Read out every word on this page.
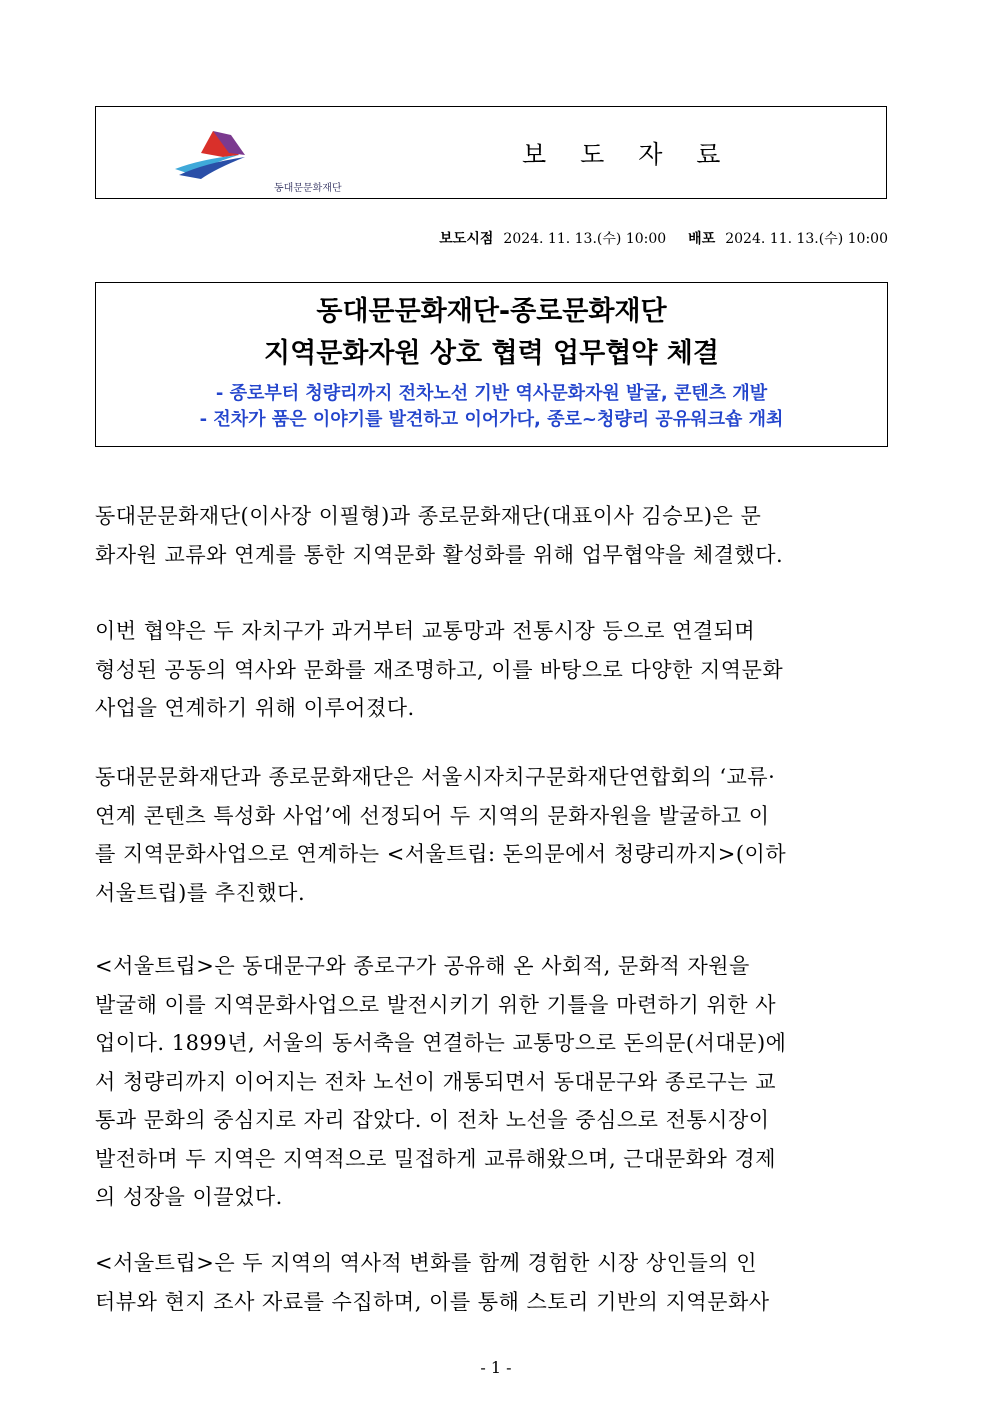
동대문문화재단
보 도 자 료
보도시점 2024. 11. 13.(수) 10:00 배포 2024. 11. 13.(수) 10:00
동대문문화재단-종로문화재단
지역문화자원 상호 협력 업무협약 체결
- 종로부터 청량리까지 전차노선 기반 역사문화자원 발굴, 콘텐츠 개발
- 전차가 품은 이야기를 발견하고 이어가다, 종로~청량리 공유워크숍 개최
동대문문화재단(이사장 이필형)과 종로문화재단(대표이사 김승모)은 문
화자원 교류와 연계를 통한 지역문화 활성화를 위해 업무협약을 체결했다.
이번 협약은 두 자치구가 과거부터 교통망과 전통시장 등으로 연결되며
형성된 공동의 역사와 문화를 재조명하고, 이를 바탕으로 다양한 지역문화
사업을 연계하기 위해 이루어졌다.
동대문문화재단과 종로문화재단은 서울시자치구문화재단연합회의 ‘교류·
연계 콘텐츠 특성화 사업’에 선정되어 두 지역의 문화자원을 발굴하고 이
를 지역문화사업으로 연계하는 <서울트립: 돈의문에서 청량리까지>(이하
서울트립)를 추진했다.
<서울트립>은 동대문구와 종로구가 공유해 온 사회적, 문화적 자원을
발굴해 이를 지역문화사업으로 발전시키기 위한 기틀을 마련하기 위한 사
업이다. 1899년, 서울의 동서축을 연결하는 교통망으로 돈의문(서대문)에
서 청량리까지 이어지는 전차 노선이 개통되면서 동대문구와 종로구는 교
통과 문화의 중심지로 자리 잡았다. 이 전차 노선을 중심으로 전통시장이
발전하며 두 지역은 지역적으로 밀접하게 교류해왔으며, 근대문화와 경제
의 성장을 이끌었다.
<서울트립>은 두 지역의 역사적 변화를 함께 경험한 시장 상인들의 인
터뷰와 현지 조사 자료를 수집하며, 이를 통해 스토리 기반의 지역문화사
- 1 -
